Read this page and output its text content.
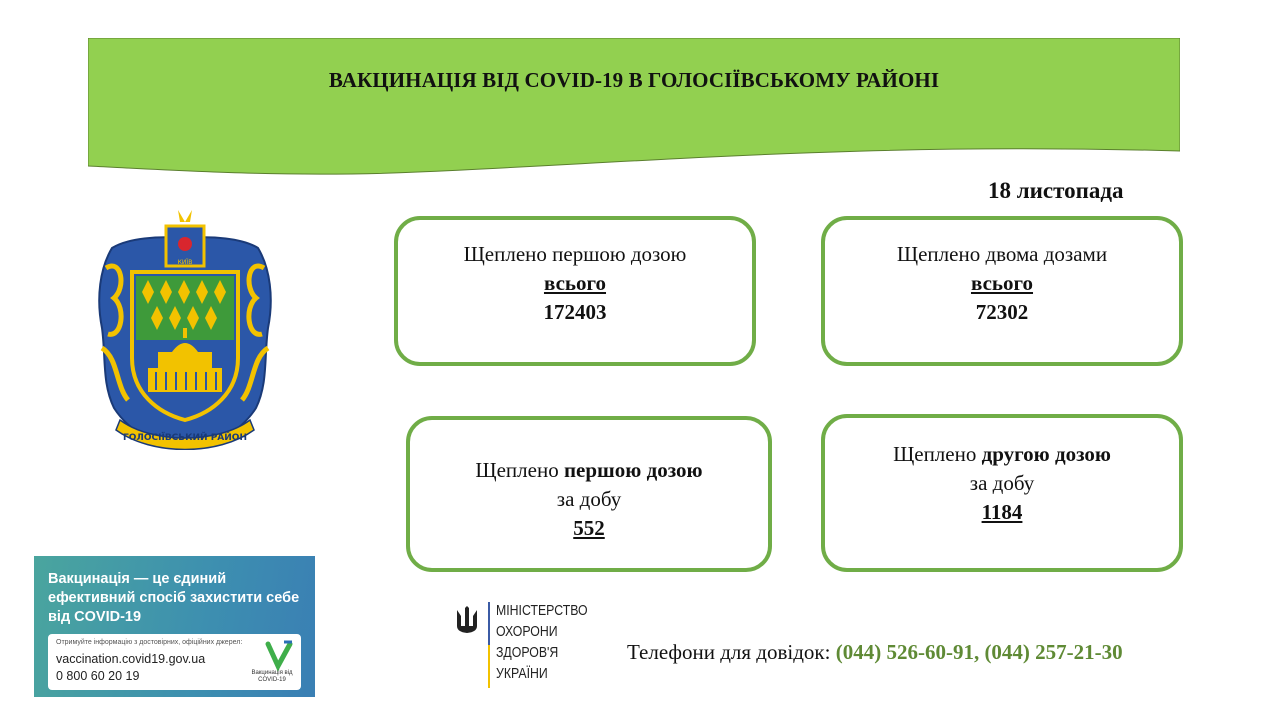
ВАКЦИНАЦІЯ ВІД COVID-19 В ГОЛОСІЇВСЬКОМУ РАЙОНІ
18 листопада
КИЇВ
ГОЛОСІЇВСЬКИЙ РАЙОН
Щеплено першою дозою
всього
172403
Щеплено двома дозами
всього
72302
Щеплено першою дозою
за добу
552
Щеплено другою дозою
за добу
1184
Вакцинація — це єдиний ефективний спосіб захистити себе від COVID-19
Отримуйте інформацію з достовірних, офіційних джерел:
vaccination.covid19.gov.ua
0 800 60 20 19	Вакцинація від COVID-19
МІНІСТЕРСТВО
ОХОРОНИ
ЗДОРОВ'Я
УКРАЇНИ
Телефони для довідок: (044) 526-60-91, (044) 257-21-30
